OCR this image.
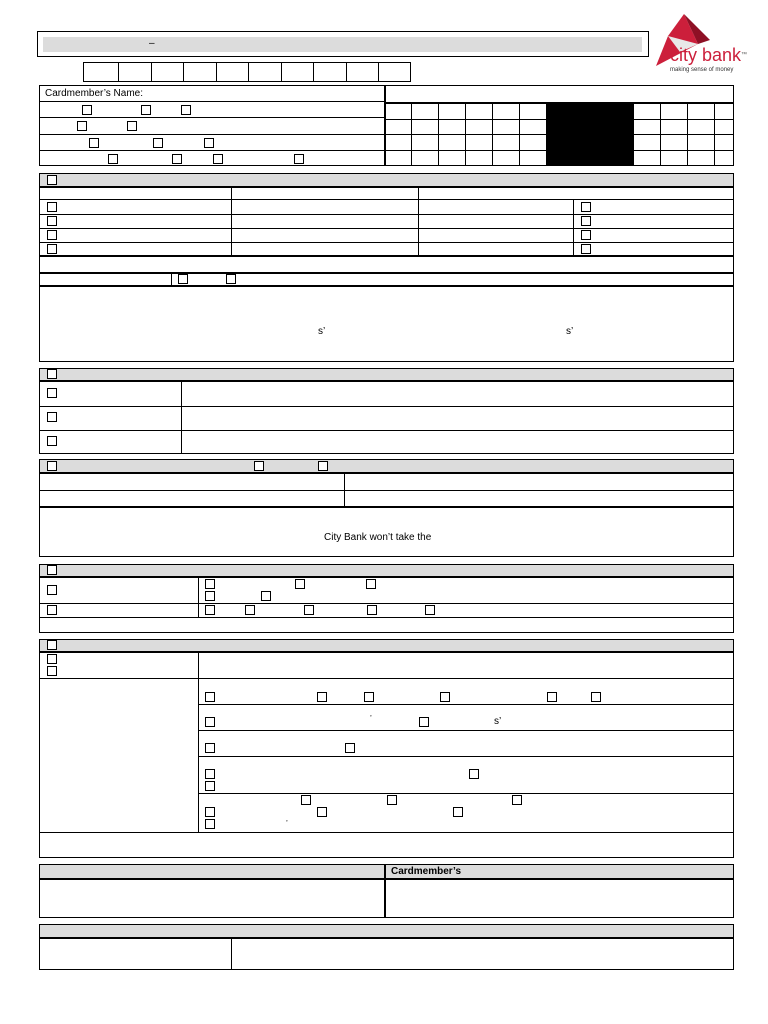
–
city bank™
making sense of money
Cardmember’s Name:
s’	s’
City Bank won’t take the
’	s’
’
Cardmember’s
